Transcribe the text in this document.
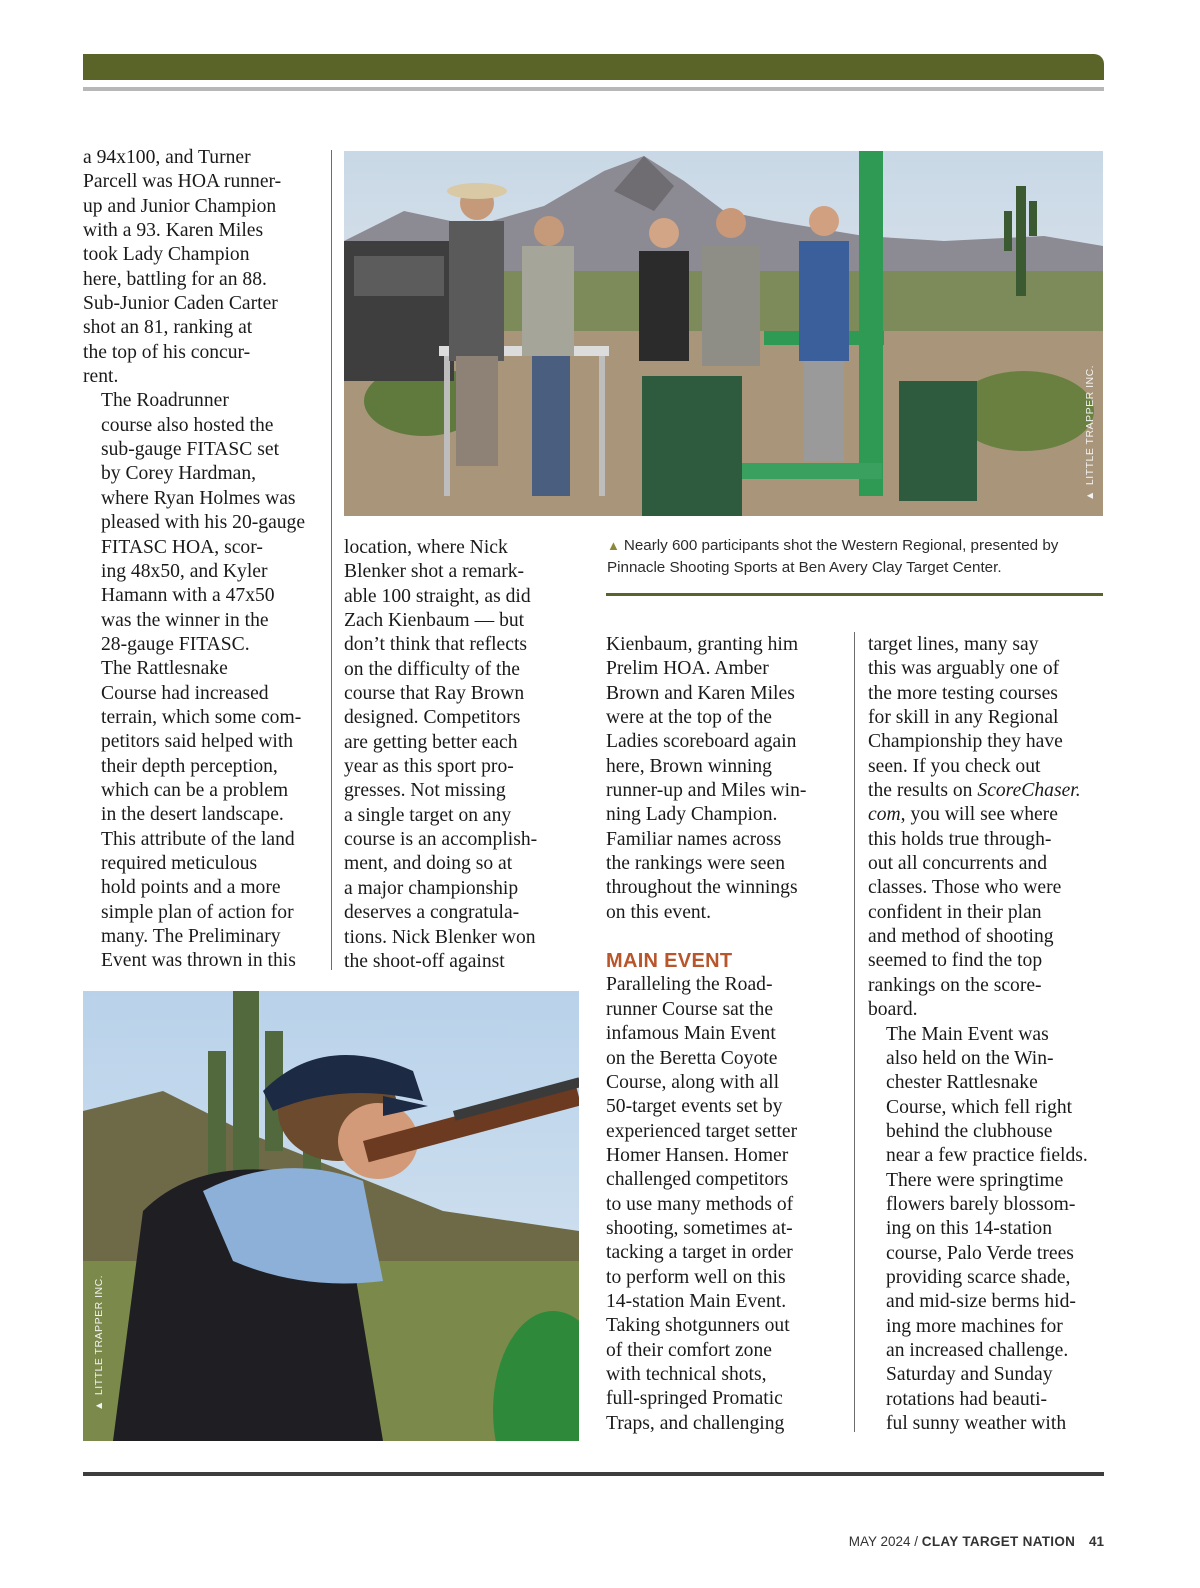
a 94x100, and Turner
Parcell was HOA runner-
up and Junior Champion
with a 93. Karen Miles
took Lady Champion
here, battling for an 88.
Sub-Junior Caden Carter
shot an 81, ranking at
the top of his concur-
rent.

The Roadrunner
course also hosted the
sub-gauge FITASC set
by Corey Hardman,
where Ryan Holmes was
pleased with his 20-gauge
FITASC HOA, scor-
ing 48x50, and Kyler
Hamann with a 47x50
was the winner in the
28-gauge FITASC.

The Rattlesnake
Course had increased
terrain, which some com-
petitors said helped with
their depth perception,
which can be a problem
in the desert landscape.
This attribute of the land
required meticulous
hold points and a more
simple plan of action for
many. The Preliminary
Event was thrown in this

▲LITTLE TRAPPER INC.
▲ Nearly 600 participants shot the Western Regional, presented by Pinnacle Shooting Sports at Ben Avery Clay Target Center.

location, where Nick
Blenker shot a remark-
able 100 straight, as did
Zach Kienbaum — but
don’t think that reflects
on the difficulty of the
course that Ray Brown
designed. Competitors
are getting better each
year as this sport pro-
gresses. Not missing
a single target on any
course is an accomplish-
ment, and doing so at
a major championship
deserves a congratula-
tions. Nick Blenker won
the shoot-off against

▲LITTLE TRAPPER INC.

Kienbaum, granting him
Prelim HOA. Amber
Brown and Karen Miles
were at the top of the
Ladies scoreboard again
here, Brown winning
runner-up and Miles win-
ning Lady Champion.
Familiar names across
the rankings were seen
throughout the winnings
on this event.

MAIN EVENT

Paralleling the Road-
runner Course sat the
infamous Main Event
on the Beretta Coyote
Course, along with all
50-target events set by
experienced target setter
Homer Hansen. Homer
challenged competitors
to use many methods of
shooting, sometimes at-
tacking a target in order
to perform well on this
14-station Main Event.
Taking shotgunners out
of their comfort zone
with technical shots,
full-springed Promatic
Traps, and challenging

target lines, many say
this was arguably one of
the more testing courses
for skill in any Regional
Championship they have
seen. If you check out
the results on ScoreChaser.
com, you will see where
this holds true through-
out all concurrents and
classes. Those who were
confident in their plan
and method of shooting
seemed to find the top
rankings on the score-
board.

The Main Event was
also held on the Win-
chester Rattlesnake
Course, which fell right
behind the clubhouse
near a few practice fields.
There were springtime
flowers barely blossom-
ing on this 14-station
course, Palo Verde trees
providing scarce shade,
and mid-size berms hid-
ing more machines for
an increased challenge.
Saturday and Sunday
rotations had beauti-
ful sunny weather with

MAY 2024 / CLAY TARGET NATION 41
